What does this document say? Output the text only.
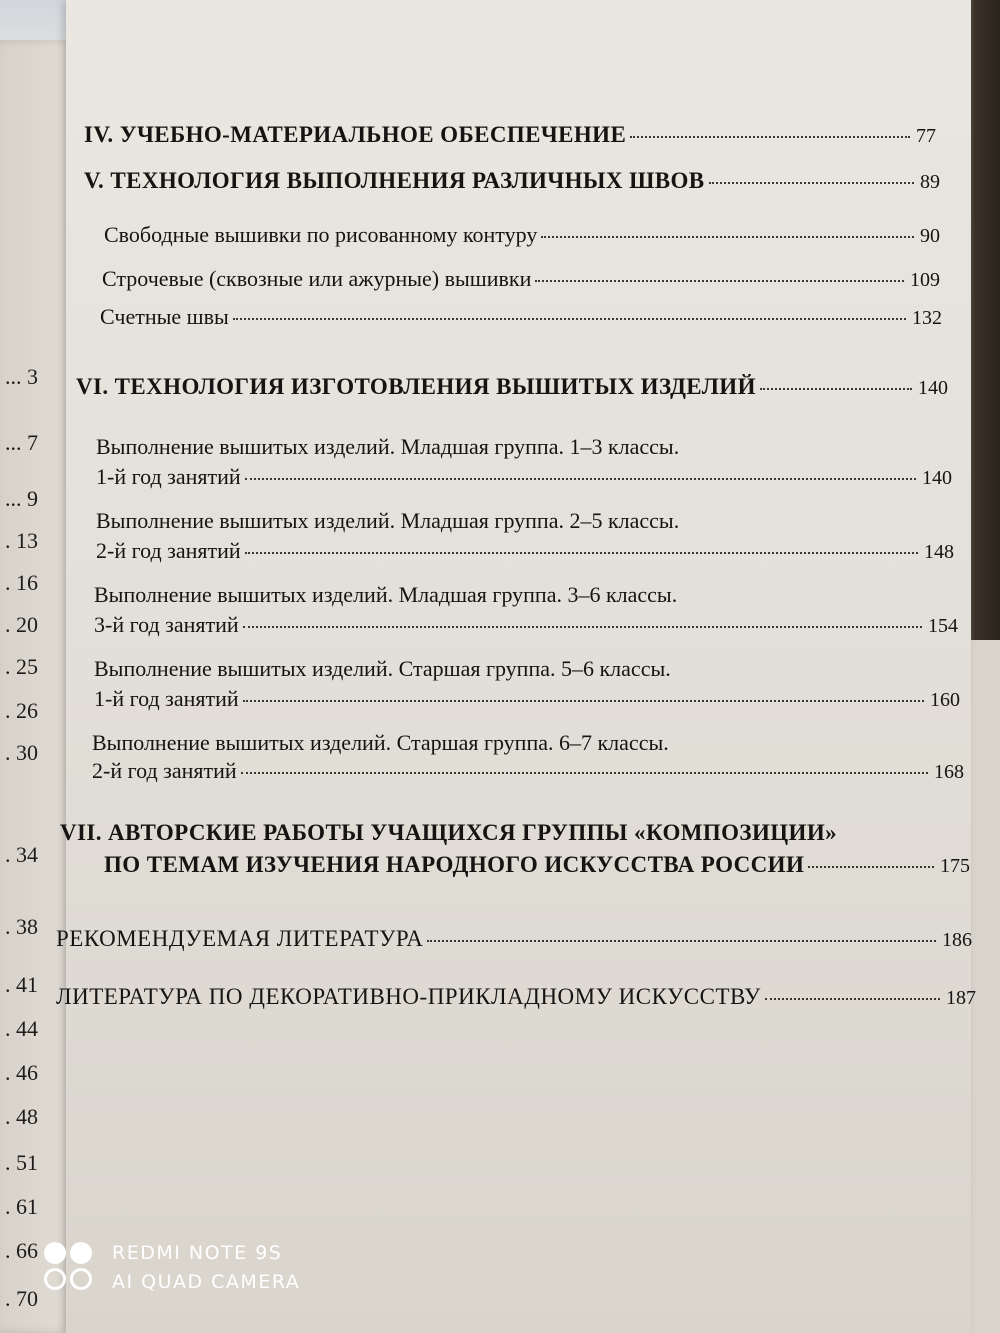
... 3
... 7
... 9
. 13
. 16
. 20
. 25
. 26
. 30
. 34
. 38
. 41
. 44
. 46
. 48
. 51
. 61
. 66
. 70
IV. УЧЕБНО-МАТЕРИАЛЬНОЕ ОБЕСПЕЧЕНИЕ	77
V. ТЕХНОЛОГИЯ ВЫПОЛНЕНИЯ РАЗЛИЧНЫХ ШВОВ	89
Свободные вышивки по рисованному контуру	90
Строчевые (сквозные или ажурные) вышивки	109
Счетные швы	132
VI. ТЕХНОЛОГИЯ ИЗГОТОВЛЕНИЯ ВЫШИТЫХ ИЗДЕЛИЙ	140
Выполнение вышитых изделий. Младшая группа. 1–3 классы.
1-й год занятий	140
Выполнение вышитых изделий. Младшая группа. 2–5 классы.
2-й год занятий	148
Выполнение вышитых изделий. Младшая группа. 3–6 классы.
3-й год занятий	154
Выполнение вышитых изделий. Старшая группа. 5–6 классы.
1-й год занятий	160
Выполнение вышитых изделий. Старшая группа. 6–7 классы.
2-й год занятий	168
VII. АВТОРСКИЕ РАБОТЫ УЧАЩИХСЯ ГРУППЫ «КОМПОЗИЦИИ»
ПО ТЕМАМ ИЗУЧЕНИЯ НАРОДНОГО ИСКУССТВА РОССИИ	175
РЕКОМЕНДУЕМАЯ ЛИТЕРАТУРА	186
ЛИТЕРАТУРА ПО ДЕКОРАТИВНО-ПРИКЛАДНОМУ ИСКУССТВУ	187
REDMI NOTE 9S
AI QUAD CAMERA
